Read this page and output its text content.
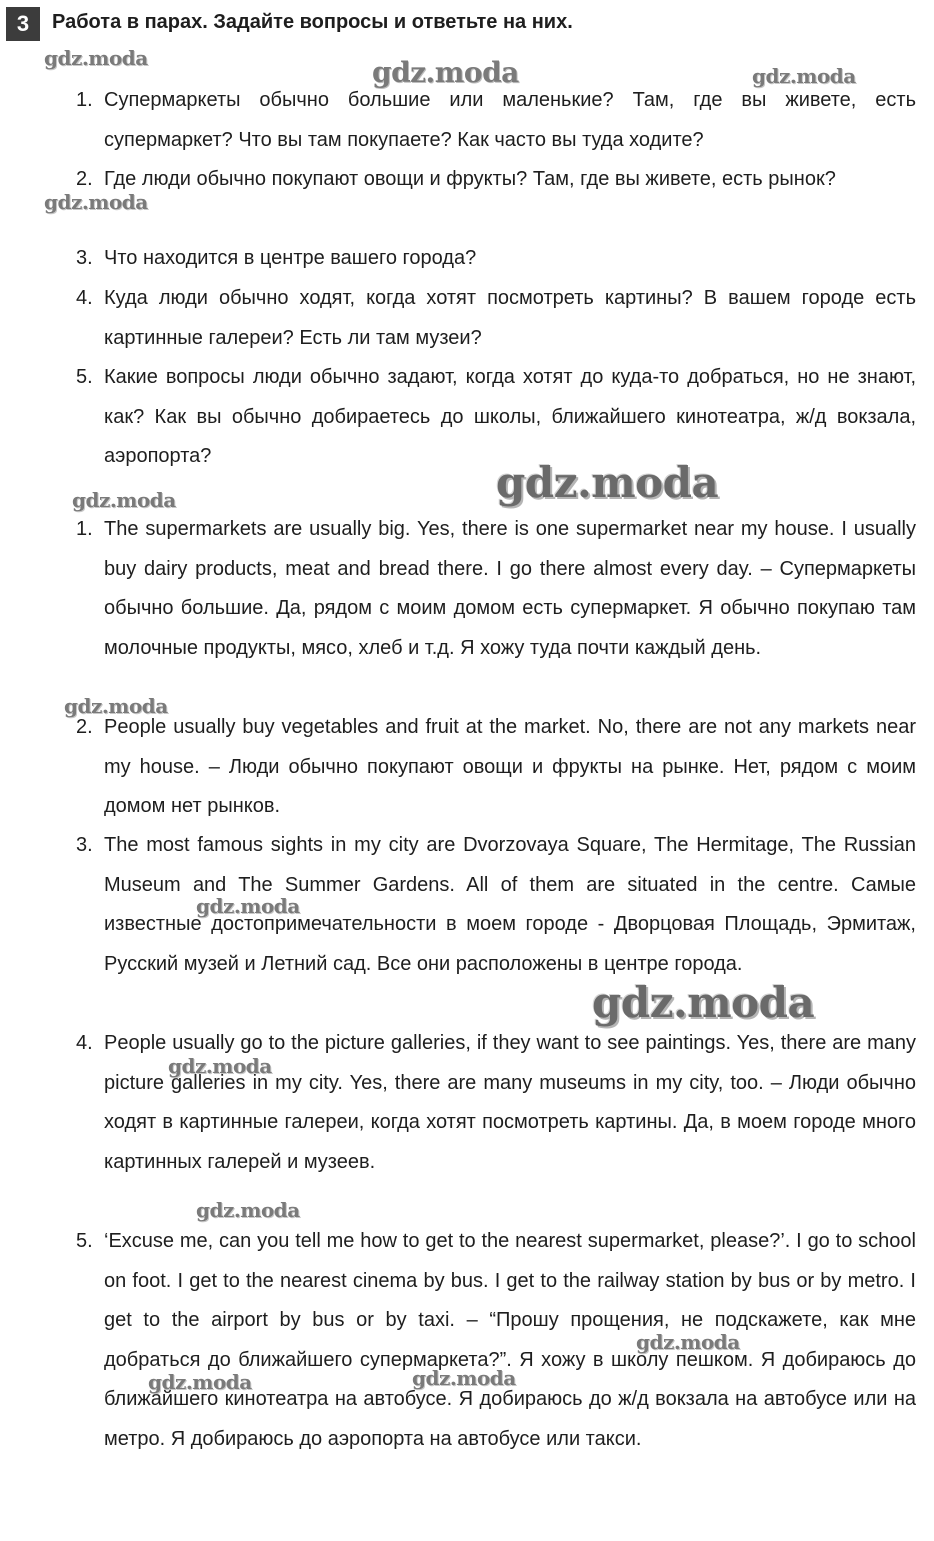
3	Работа в парах. Задайте вопросы и ответьте на них.
1. Супермаркеты обычно большие или маленькие? Там, где вы живете, есть супермаркет? Что вы там покупаете? Как часто вы туда ходите?
2. Где люди обычно покупают овощи и фрукты? Там, где вы живете, есть рынок?
3. Что находится в центре вашего города?
4. Куда люди обычно ходят, когда хотят посмотреть картины? В вашем городе есть картинные галереи? Есть ли там музеи?
5. Какие вопросы люди обычно задают, когда хотят до куда-то добраться, но не знают, как? Как вы обычно добираетесь до школы, ближайшего кинотеатра, ж/д вокзала, аэропорта?
1. The supermarkets are usually big. Yes, there is one supermarket near my house. I usually buy dairy products, meat and bread there. I go there almost every day. – Супермаркеты обычно большие. Да, рядом с моим домом есть супермаркет. Я обычно покупаю там молочные продукты, мясо, хлеб и т.д. Я хожу туда почти каждый день.
2. People usually buy vegetables and fruit at the market. No, there are not any markets near my house. – Люди обычно покупают овощи и фрукты на рынке. Нет, рядом с моим домом нет рынков.
3. The most famous sights in my city are Dvorzovaya Square, The Hermitage, The Russian Museum and The Summer Gardens. All of them are situated in the centre. Самые известные достопримечательности в моем городе - Дворцовая Площадь, Эрмитаж, Русский музей и Летний сад. Все они расположены в центре города.
4. People usually go to the picture galleries, if they want to see paintings. Yes, there are many picture galleries in my city. Yes, there are many museums in my city, too. – Люди обычно ходят в картинные галереи, когда хотят посмотреть картины. Да, в моем городе много картинных галерей и музеев.
5. ‘Excuse me, can you tell me how to get to the nearest supermarket, please?’. I go to school on foot. I get to the nearest cinema by bus. I get to the railway station by bus or by metro. I get to the airport by bus or by taxi. – “Прошу прощения, не подскажете, как мне добраться до ближайшего супермаркета?”. Я хожу в школу пешком. Я добираюсь до ближайшего кинотеатра на автобусе. Я добираюсь до ж/д вокзала на автобусе или на метро. Я добираюсь до аэропорта на автобусе или такси.
gdz.moda	gdz.moda	gdz.moda
gdz.moda
gdz.moda	gdz.moda
gdz.moda
gdz.moda
gdz.moda
gdz.moda
gdz.moda
gdz.moda
gdz.moda	gdz.moda
